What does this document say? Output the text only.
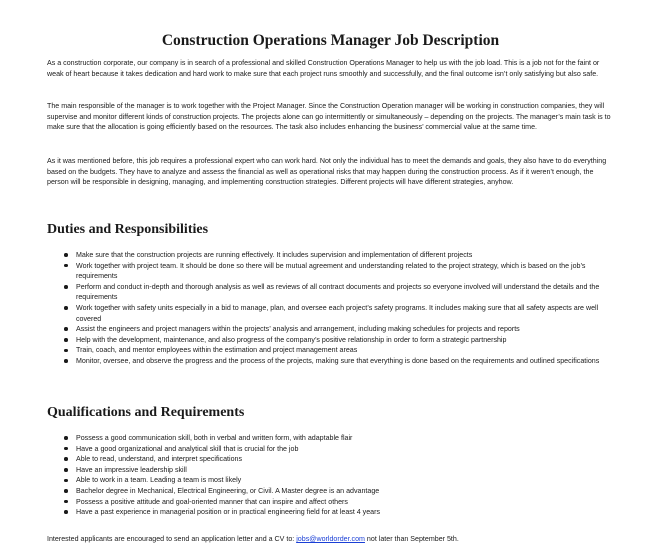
Construction Operations Manager Job Description

As a construction corporate, our company is in search of a professional and skilled Construction Operations Manager to help us with the job load. This is a job not for the faint or weak of heart because it takes dedication and hard work to make sure that each project runs smoothly and successfully, and the final outcome isn’t only satisfying but also safe.

The main responsible of the manager is to work together with the Project Manager. Since the Construction Operation manager will be working in construction companies, they will supervise and monitor different kinds of construction projects. The projects alone can go intermittently or simultaneously – depending on the projects. The manager’s main task is to make sure that the allocation is going efficiently based on the resources. The task also includes enhancing the business’ commercial value at the same time.

As it was mentioned before, this job requires a professional expert who can work hard. Not only the individual has to meet the demands and goals, they also have to do everything based on the budgets. They have to analyze and assess the financial as well as operational risks that may happen during the construction process. As if it weren’t enough, the person will be responsible in designing, managing, and implementing construction strategies. Different projects will have different strategies, anyhow.

Duties and Responsibilities
Make sure that the construction projects are running effectively. It includes supervision and implementation of different projects
Work together with project team. It should be done so there will be mutual agreement and understanding related to the project strategy, which is based on the job’s requirements
Perform and conduct in-depth and thorough analysis as well as reviews of all contract documents and projects so everyone involved will understand the details and the requirements
Work together with safety units especially in a bid to manage, plan, and oversee each project’s safety programs. It includes making sure that all safety aspects are well covered
Assist the engineers and project managers within the projects’ analysis and arrangement, including making schedules for projects and reports
Help with the development, maintenance, and also progress of the company’s positive relationship in order to form a strategic partnership
Train, coach, and mentor employees within the estimation and project management areas
Monitor, oversee, and observe the progress and the process of the projects, making sure that everything is done based on the requirements and outlined specifications
Qualifications and Requirements
Possess a good communication skill, both in verbal and written form, with adaptable flair
Have a good organizational and analytical skill that is crucial for the job
Able to read, understand, and interpret specifications
Have an impressive leadership skill
Able to work in a team. Leading a team is most likely
Bachelor degree in Mechanical, Electrical Engineering, or Civil. A Master degree is an advantage
Possess a positive attitude and goal-oriented manner that can inspire and affect others
Have a past experience in managerial position or in practical engineering field for at least 4 years

Interested applicants are encouraged to send an application letter and a CV to: jobs@worldorder.com not later than September 5th.
